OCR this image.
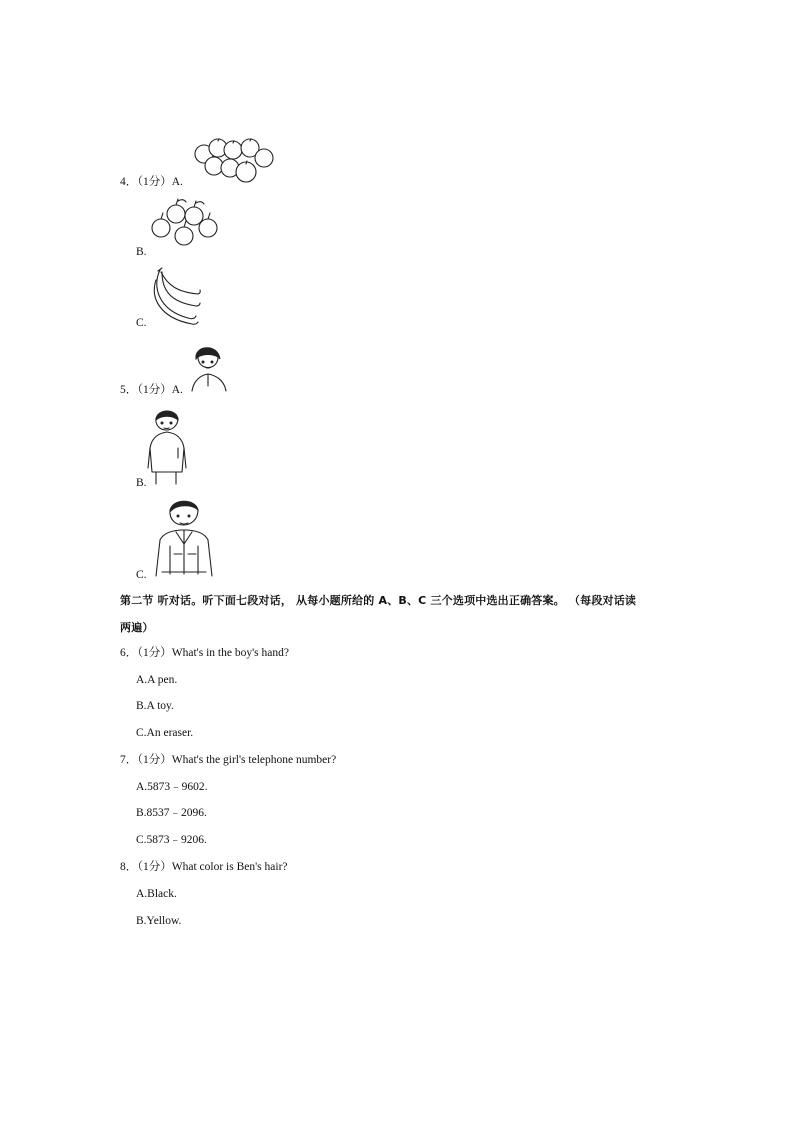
4．（1分）A.
B.
C.
5．（1分）A.
B.
C.
第二节 听对话。听下面七段对话， 从每小题所给的 A、B、C 三个选项中选出正确答案。 （每段对话读
两遍）
6．（1分）What's in the boy's hand?
A.A pen.
B.A toy.
C.An eraser.
7．（1分）What's the girl's telephone number?
A.5873﹣9602.
B.8537﹣2096.
C.5873﹣9206.
8．（1分）What color is Ben's hair?
A.Black.
B.Yellow.
